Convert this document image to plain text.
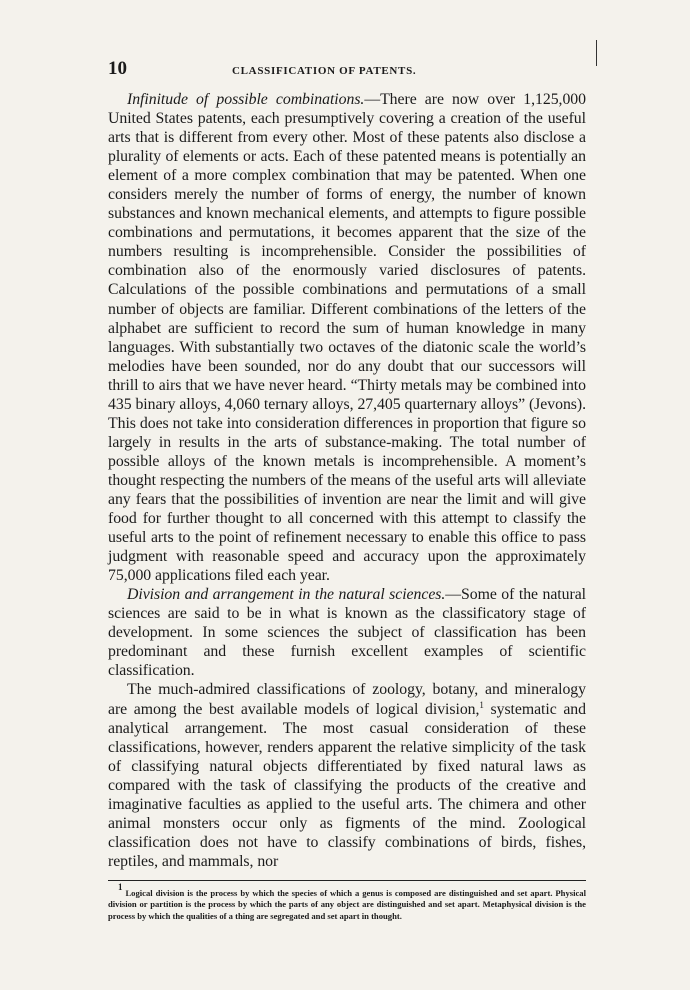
10	CLASSIFICATION OF PATENTS.

Infinitude of possible combinations.—There are now over 1,125,000 United States patents, each presumptively covering a creation of the useful arts that is different from every other. Most of these patents also disclose a plurality of elements or acts. Each of these patented means is potentially an element of a more complex combination that may be patented. When one considers merely the number of forms of energy, the number of known substances and known mechanical elements, and attempts to figure possible combinations and permutations, it becomes apparent that the size of the numbers resulting is incomprehensible. Consider the possibilities of combination also of the enormously varied disclosures of patents. Calculations of the possible combinations and permutations of a small number of objects are familiar. Different combinations of the letters of the alphabet are sufficient to record the sum of human knowledge in many languages. With substantially two octaves of the diatonic scale the world’s melodies have been sounded, nor do any doubt that our successors will thrill to airs that we have never heard. “Thirty metals may be combined into 435 binary alloys, 4,060 ternary alloys, 27,405 quarternary alloys” (Jevons). This does not take into consideration differences in proportion that figure so largely in results in the arts of substance-making. The total number of possible alloys of the known metals is incomprehensible. A moment’s thought respecting the numbers of the means of the useful arts will alleviate any fears that the possibilities of invention are near the limit and will give food for further thought to all concerned with this attempt to classify the useful arts to the point of refinement necessary to enable this office to pass judgment with reasonable speed and accuracy upon the approximately 75,000 applications filed each year.

Division and arrangement in the natural sciences.—Some of the natural sciences are said to be in what is known as the classificatory stage of development. In some sciences the subject of classification has been predominant and these furnish excellent examples of scientific classification.

The much-admired classifications of zoology, botany, and mineralogy are among the best available models of logical division,$^1$ systematic and analytical arrangement. The most casual consideration of these classifications, however, renders apparent the relative simplicity of the task of classifying natural objects differentiated by fixed natural laws as compared with the task of classifying the products of the creative and imaginative faculties as applied to the useful arts. The chimera and other animal monsters occur only as figments of the mind. Zoological classification does not have to classify combinations of birds, fishes, reptiles, and mammals, nor

$^1$ Logical division is the process by which the species of which a genus is composed are distinguished and set apart. Physical division or partition is the process by which the parts of any object are distinguished and set apart. Metaphysical division is the process by which the qualities of a thing are segregated and set apart in thought.
